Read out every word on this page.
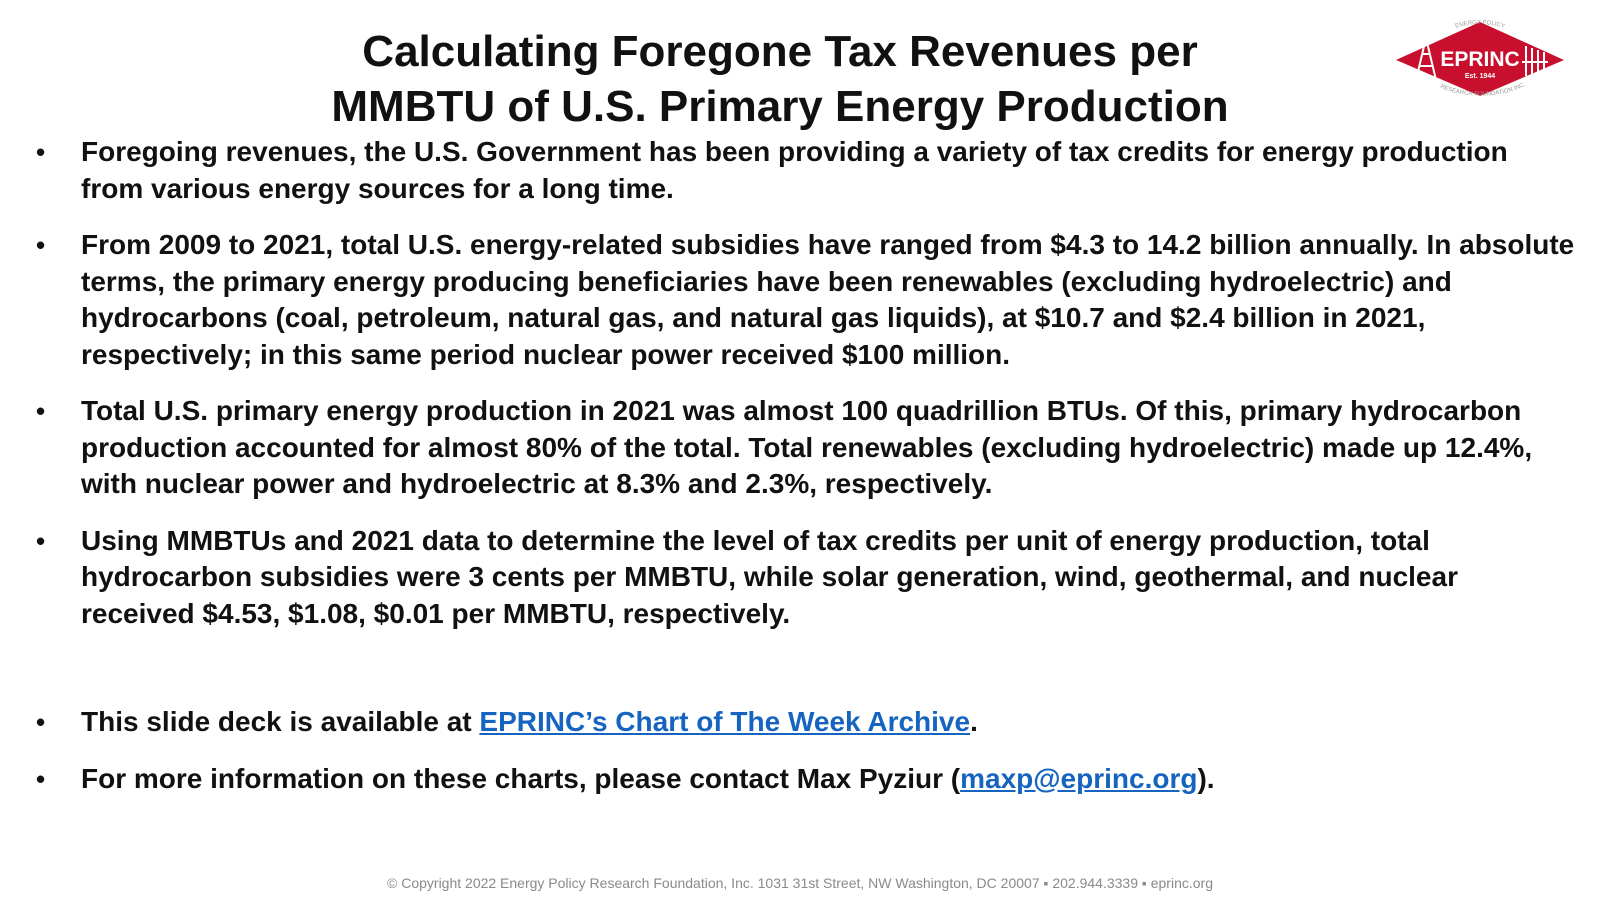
Calculating Foregone Tax Revenues per
MMBTU of U.S. Primary Energy Production
EPRINC
Est. 1944
ENERGY POLICY
RESEARCH FOUNDATION INC.
• Foregoing revenues, the U.S. Government has been providing a variety of tax credits for energy production from various energy sources for a long time.
• From 2009 to 2021, total U.S. energy-related subsidies have ranged from $4.3 to 14.2 billion annually. In absolute terms, the primary energy producing beneficiaries have been renewables (excluding hydroelectric) and hydrocarbons (coal, petroleum, natural gas, and natural gas liquids), at $10.7 and $2.4 billion in 2021, respectively; in this same period nuclear power received $100 million.
• Total U.S. primary energy production in 2021 was almost 100 quadrillion BTUs. Of this, primary hydrocarbon production accounted for almost 80% of the total. Total renewables (excluding hydroelectric) made up 12.4%, with nuclear power and hydroelectric at 8.3% and 2.3%, respectively.
• Using MMBTUs and 2021 data to determine the level of tax credits per unit of energy production, total hydrocarbon subsidies were 3 cents per MMBTU, while solar generation, wind, geothermal, and nuclear received $4.53, $1.08, $0.01 per MMBTU, respectively.
• This slide deck is available at EPRINC’s Chart of The Week Archive.
• For more information on these charts, please contact Max Pyziur (maxp@eprinc.org).
© Copyright 2022 Energy Policy Research Foundation, Inc. 1031 31st Street, NW Washington, DC 20007 ▪ 202.944.3339 ▪ eprinc.org
